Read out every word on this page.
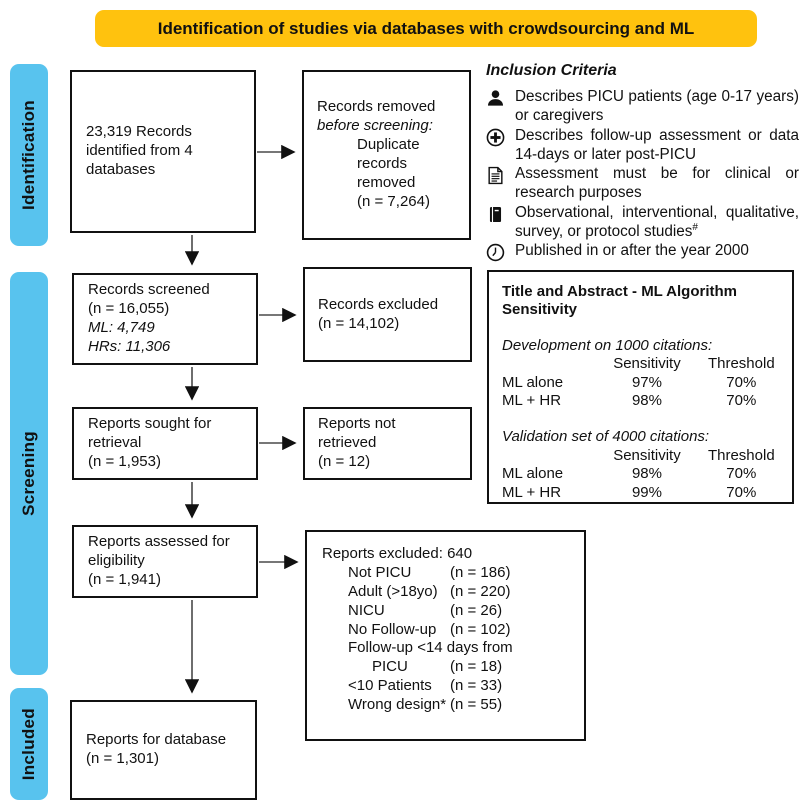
Identification of studies via databases with crowdsourcing and ML
Identification
Screening
Included
23,319 Records
identified from 4
databases
Records removed
before screening:
Duplicate
records
removed
(n = 7,264)
Records screened
(n = 16,055)
ML: 4,749
HRs: 11,306
Records excluded
(n = 14,102)
Reports sought for
retrieval
(n = 1,953)
Reports not
retrieved
(n = 12)
Reports assessed for
eligibility
(n = 1,941)
Reports excluded: 640
Not PICU	(n = 186)
Adult (>18yo) (n = 220)
NICU	(n = 26)
No Follow-up (n = 102)
Follow-up <14 days from
PICU	(n = 18)
<10 Patients	(n = 33)
Wrong design* (n = 55)
Reports for database
(n = 1,301)
Inclusion Criteria
Describes PICU patients (age 0-17 years) or caregivers
Describes follow-up assessment or data 14-days or later post-PICU
Assessment must be for clinical or research purposes
Observational, interventional, qualitative, survey, or protocol studies#
Published in or after the year 2000
Title and Abstract - ML Algorithm Sensitivity
Development on 1000 citations:
Sensitivity	Threshold
ML alone	97%	70%
ML + HR	98%	70%
Validation set of 4000 citations:
Sensitivity	Threshold
ML alone	98%	70%
ML + HR	99%	70%
